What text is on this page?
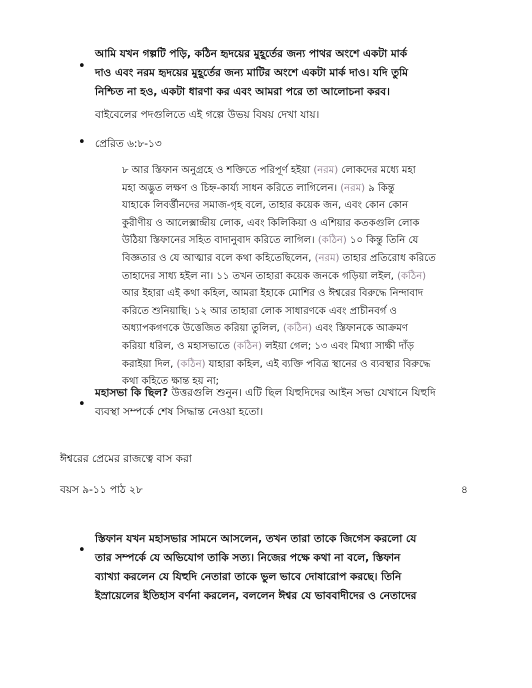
•
আমি যখন গল্পটি পড়ি, কঠিন হৃদয়ের মুহূর্তের জন্য পাথর অংশে একটা মার্ক
দাও এবং নরম হৃদয়ের মুহূর্তের জন্য মাটির অংশে একটা মার্ক দাও। যদি তুমি
নিশ্চিত না হও, একটা ধারণা কর এবং আমরা পরে তা আলোচনা করব।
বাইবেলের পদগুলিতে এই গল্পে উভয় বিষয় দেখা যায়।
• প্রেরিত ৬:৮-১৩
৮ আর স্তিফান অনুগ্রহে ও শক্তিতে পরিপূর্ণ হইয়া (নরম) লোকদের মধ্যে মহা
মহা অদ্ভুত লক্ষণ ও চিহ্ন-কার্য্য সাধন করিতে লাগিলেন। (নরম) ৯ কিন্তু
যাহাকে লিবর্ত্তীনদের সমাজ-গৃহ বলে, তাহার কয়েক জন, এবং কোন কোন
কুরীণীয় ও আলেক্সান্দ্রীয় লোক, এবং কিলিকিয়া ও এশিয়ার কতকগুলি লোক
উঠিয়া স্তিফানের সহিত বাদানুবাদ করিতে লাগিল। (কঠিন) ১০ কিন্তু তিনি যে
বিজ্ঞতার ও যে আত্মার বলে কথা কহিতেছিলেন, (নরম) তাহার প্রতিরোধ করিতে
তাহাদের সাধ্য হইল না। ১১ তখন তাহারা কয়েক জনকে গড়িয়া লইল, (কঠিন)
আর ইহারা এই কথা কহিল, আমরা ইহাকে মোশির ও ঈশ্বরের বিরুদ্ধে নিন্দাবাদ
করিতে শুনিয়াছি। ১২ আর তাহারা লোক সাধারণকে এবং প্রাচীনবর্গ ও
অধ্যাপকগণকে উত্তেজিত করিয়া তুলিল, (কঠিন) এবং স্তিফানকে আক্রমণ
করিয়া ধরিল, ও মহাসভাতে (কঠিন) লইয়া গেল; ১৩ এবং মিথ্যা সাক্ষী দাঁড়
করাইয়া দিল, (কঠিন) যাহারা কহিল, এই ব্যক্তি পবিত্র স্থানের ও ব্যবস্থার বিরুদ্ধে
কথা কহিতে ক্ষান্ত হয় না;
•
মহাসভা কি ছিল? উত্তরগুলি শুনুন। এটি ছিল যিহুদিদের আইন সভা যেখানে যিহুদি
ব্যবস্থা সম্পর্কে শেষ সিদ্ধান্ত নেওয়া হতো।
ঈশ্বরের প্রেমের রাজত্বে বাস করা
বয়স ৯-১১ পাঠ ২৮	৪
•
স্তিফান যখন মহাসভার সামনে আসলেন, তখন তারা তাকে জিগেস করলো যে
তার সম্পর্কে যে অভিযোগ তাকি সত্য। নিজের পক্ষে কথা না বলে, স্তিফান
ব্যাখ্যা করলেন যে যিহুদি নেতারা তাকে ভুল ভাবে দোষারোপ করছে। তিনি
ইস্রায়েলের ইতিহাস বর্ণনা করলেন, বললেন ঈশ্বর যে ভাববাদীদের ও নেতাদের
